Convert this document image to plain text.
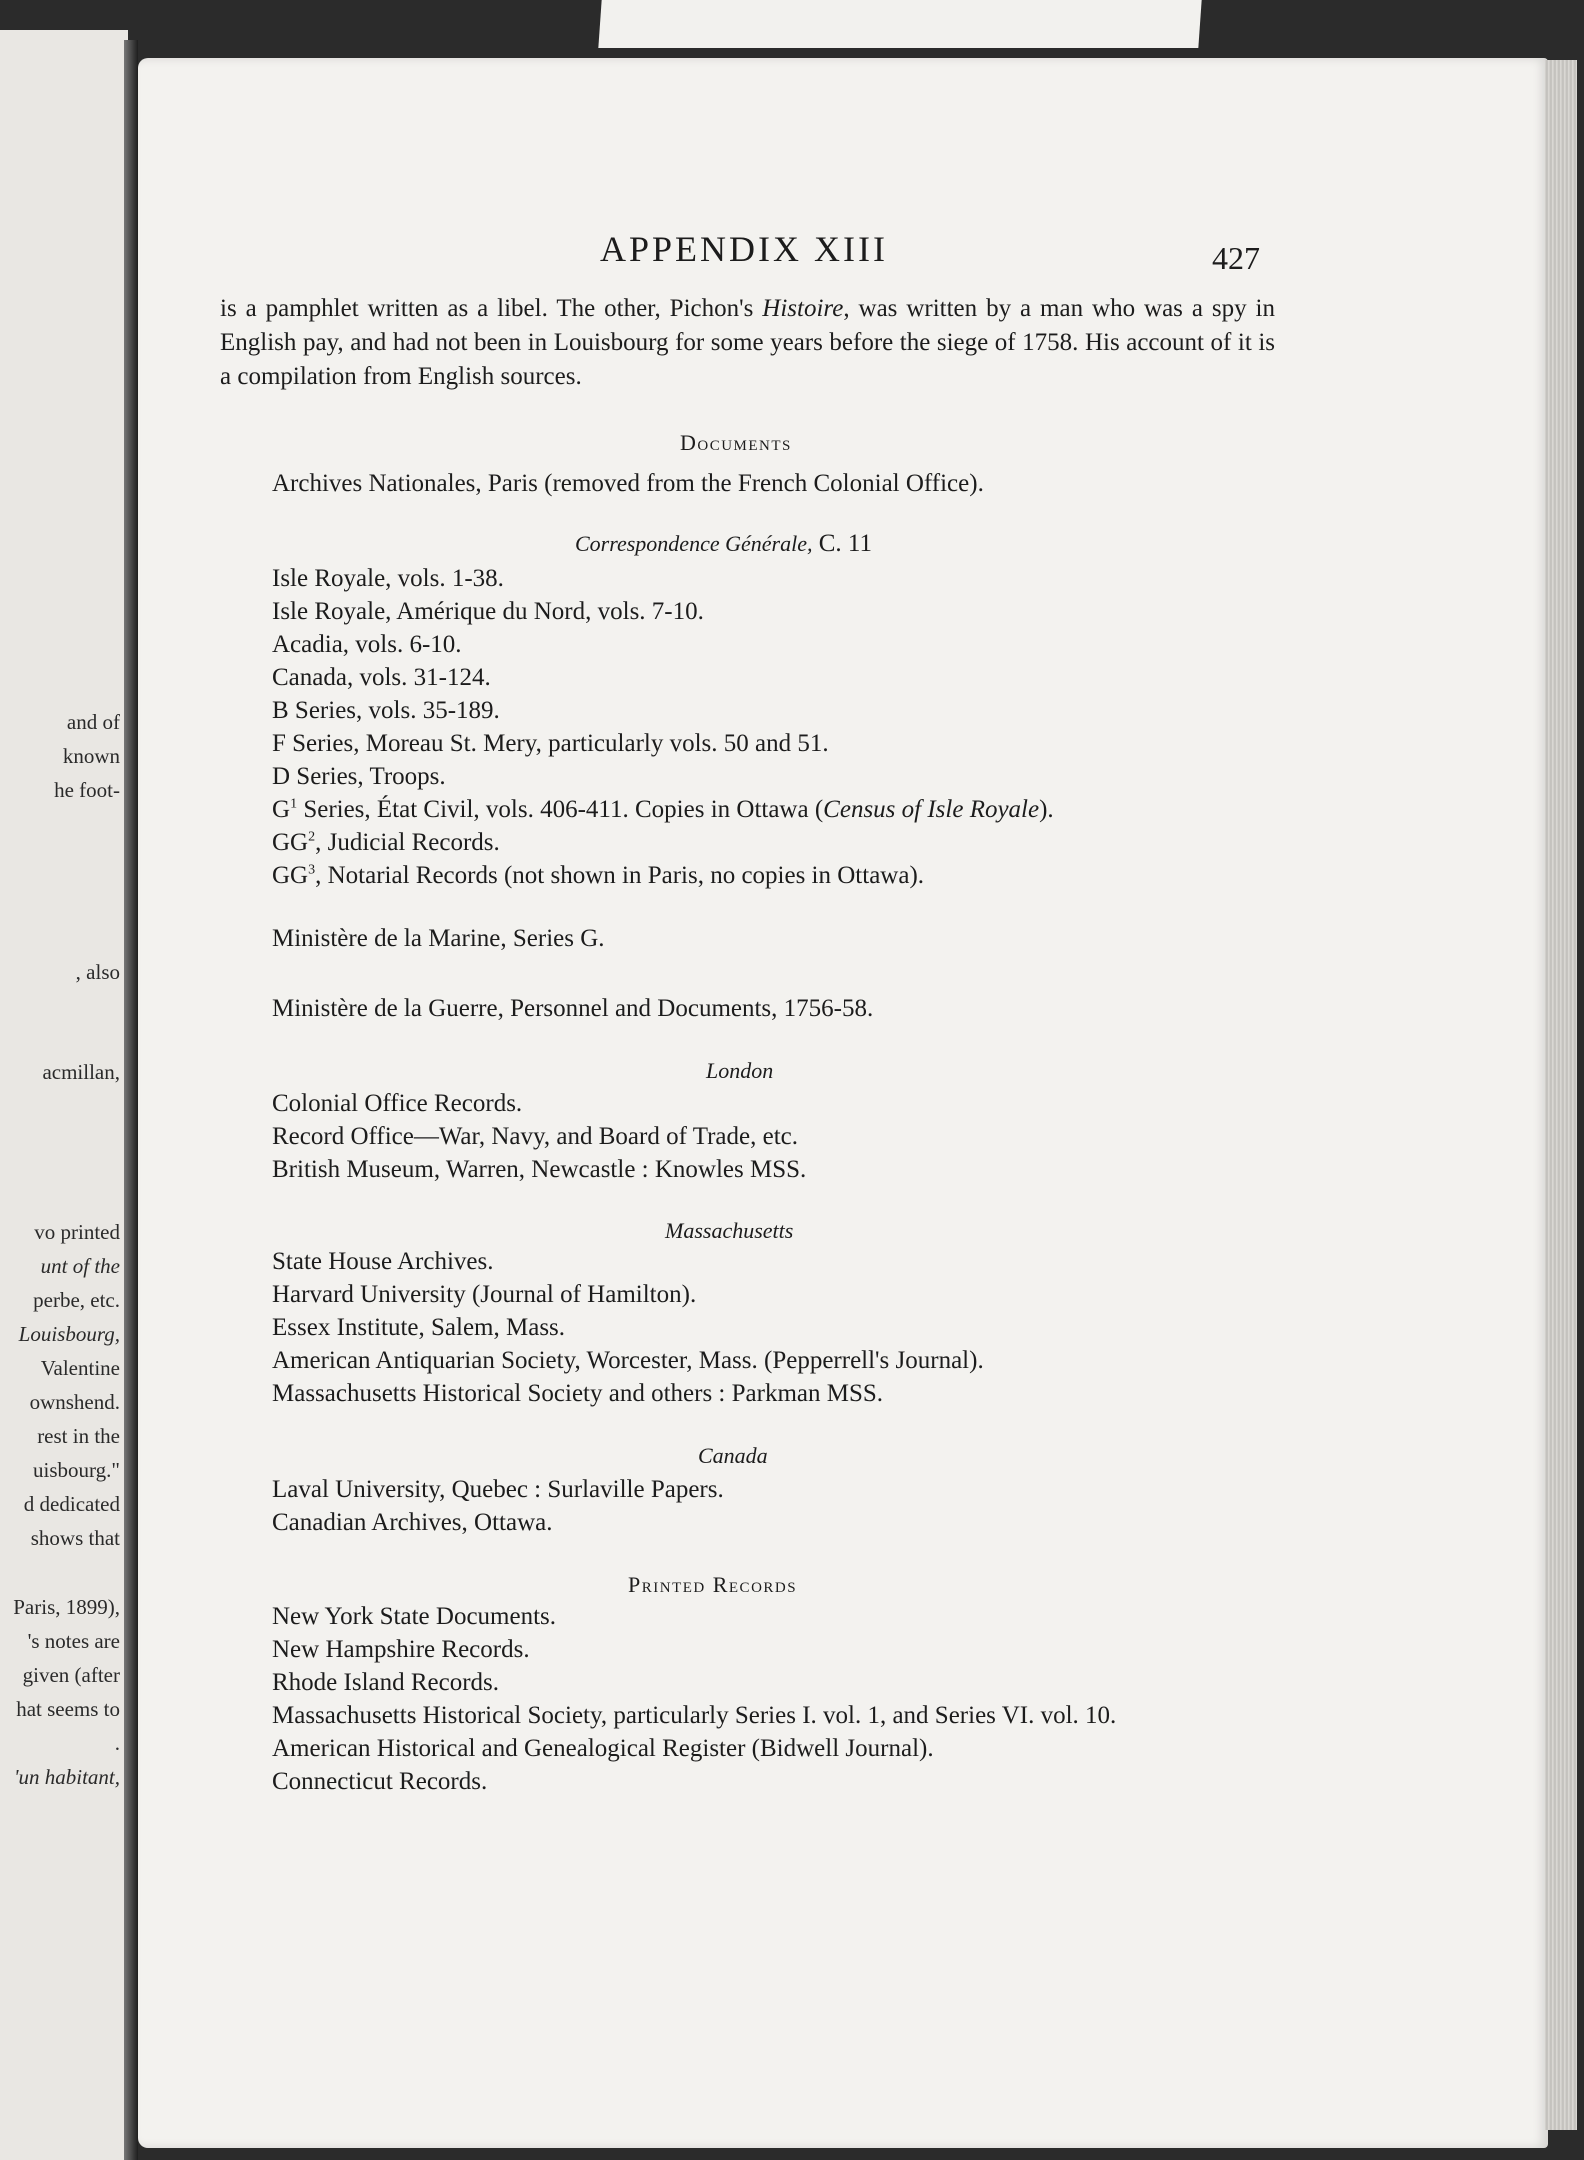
and of
known
he foot-
, also
acmillan,
vo printed
unt of the
perbe, etc.
Louisbourg,
Valentine
ownshend.
rest in the
uisbourg."
d dedicated
shows that
Paris, 1899),
's notes are
given (after
hat seems to
.
'un habitant,
APPENDIX XIII	427

is a pamphlet written as a libel. The other, Pichon's Histoire, was written by a man who was a spy in English pay, and had not been in Louisbourg for some years before the siege of 1758. His account of it is a compilation from English sources.

Documents
Archives Nationales, Paris (removed from the French Colonial Office).
Correspondence Générale, C. 11
Isle Royale, vols. 1-38.
Isle Royale, Amérique du Nord, vols. 7-10.
Acadia, vols. 6-10.
Canada, vols. 31-124.
B Series, vols. 35-189.
F Series, Moreau St. Mery, particularly vols. 50 and 51.
D Series, Troops.
$G^1$ Series, État Civil, vols. 406-411. Copies in Ottawa (Census of Isle Royale).
$GG^2$, Judicial Records.
$GG^3$, Notarial Records (not shown in Paris, no copies in Ottawa).
Ministère de la Marine, Series G.
Ministère de la Guerre, Personnel and Documents, 1756-58.
London
Colonial Office Records.
Record Office—War, Navy, and Board of Trade, etc.
British Museum, Warren, Newcastle : Knowles MSS.
Massachusetts
State House Archives.
Harvard University (Journal of Hamilton).
Essex Institute, Salem, Mass.
American Antiquarian Society, Worcester, Mass. (Pepperrell's Journal).
Massachusetts Historical Society and others : Parkman MSS.
Canada
Laval University, Quebec : Surlaville Papers.
Canadian Archives, Ottawa.
Printed Records
New York State Documents.
New Hampshire Records.
Rhode Island Records.
Massachusetts Historical Society, particularly Series I. vol. 1, and Series VI. vol. 10.
American Historical and Genealogical Register (Bidwell Journal).
Connecticut Records.
